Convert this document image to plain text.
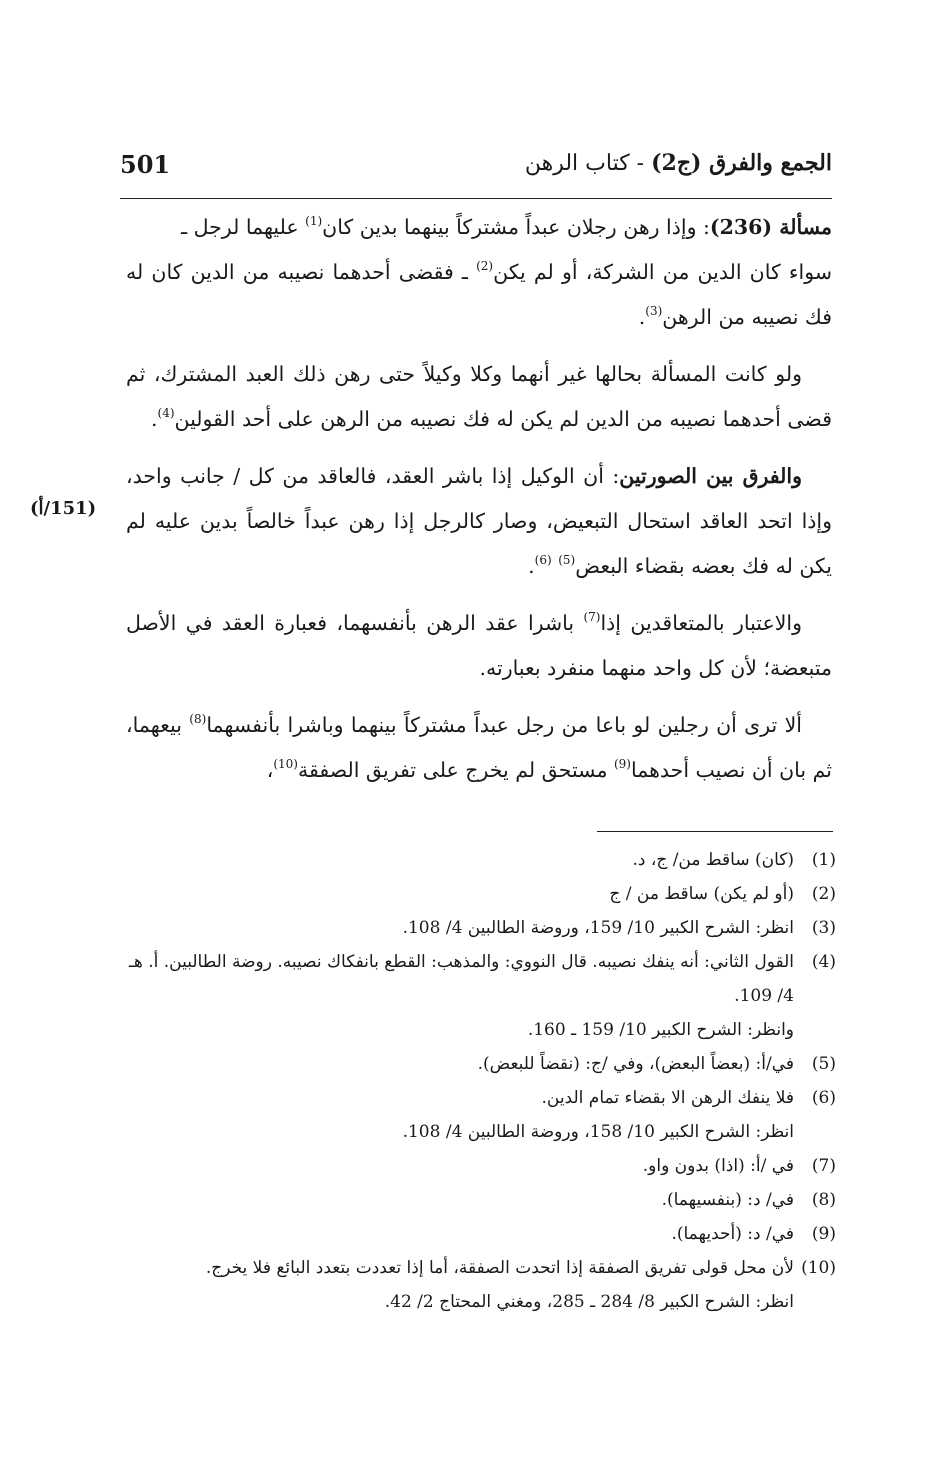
501	الجمع والفرق (ج2) - كتاب الرهن
(151/أ)

مسألة (236): وإذا رهن رجلان عبداً مشتركاً بينهما بدين كان$^{(1)}$ عليهما لرجل ـ
سواء كان الدين من الشركة، أو لم يكن$^{(2)}$ ـ فقضى أحدهما نصيبه من الدين كان له فك نصيبه من الرهن$^{(3)}$.

ولو كانت المسألة بحالها غير أنهما وكلا وكيلاً حتى رهن ذلك العبد المشترك، ثم قضى أحدهما نصيبه من الدين لم يكن له فك نصيبه من الرهن على أحد القولين$^{(4)}$.

والفرق بين الصورتين: أن الوكيل إذا باشر العقد، فالعاقد من كل / جانب واحد، وإذا اتحد العاقد استحال التبعيض، وصار كالرجل إذا رهن عبداً خالصاً بدين عليه لم يكن له فك بعضه بقضاء البعض$^{(5)}$ $^{(6)}$.

والاعتبار بالمتعاقدين إذا$^{(7)}$ باشرا عقد الرهن بأنفسهما، فعبارة العقد في الأصل متبعضة؛ لأن كل واحد منهما منفرد بعبارته.

ألا ترى أن رجلين لو باعا من رجل عبداً مشتركاً بينهما وباشرا بأنفسهما$^{(8)}$ بيعهما، ثم بان أن نصيب أحدهما$^{(9)}$ مستحق لم يخرج على تفريق الصفقة$^{(10)}$،

(1)
(كان) ساقط من/ ج، د.
(2)
(أو لم يكن) ساقط من / ج
(3)
انظر: الشرح الكبير 10/ 159، وروضة الطالبين 4/ 108.
(4)
القول الثاني: أنه ينفك نصيبه. قال النووي: والمذهب: القطع بانفكاك نصيبه. روضة الطالبين. أ. هـ 4/ 109.
وانظر: الشرح الكبير 10/ 159 ـ 160.
(5)
في/أ: (بعضاً البعض)، وفي /ج: (نقضاً للبعض).
(6)
فلا ينفك الرهن الا بقضاء تمام الدين.
انظر: الشرح الكبير 10/ 158، وروضة الطالبين 4/ 108.
(7)
في /أ: (اذا) بدون واو.
(8)
في/ د: (بنفسيهما).
(9)
في/ د: (أحديهما).
(10)
لأن محل قولى تفريق الصفقة إذا اتحدت الصفقة، أما إذا تعددت بتعدد البائع فلا يخرج.
انظر: الشرح الكبير 8/ 284 ـ 285، ومغني المحتاج 2/ 42.
